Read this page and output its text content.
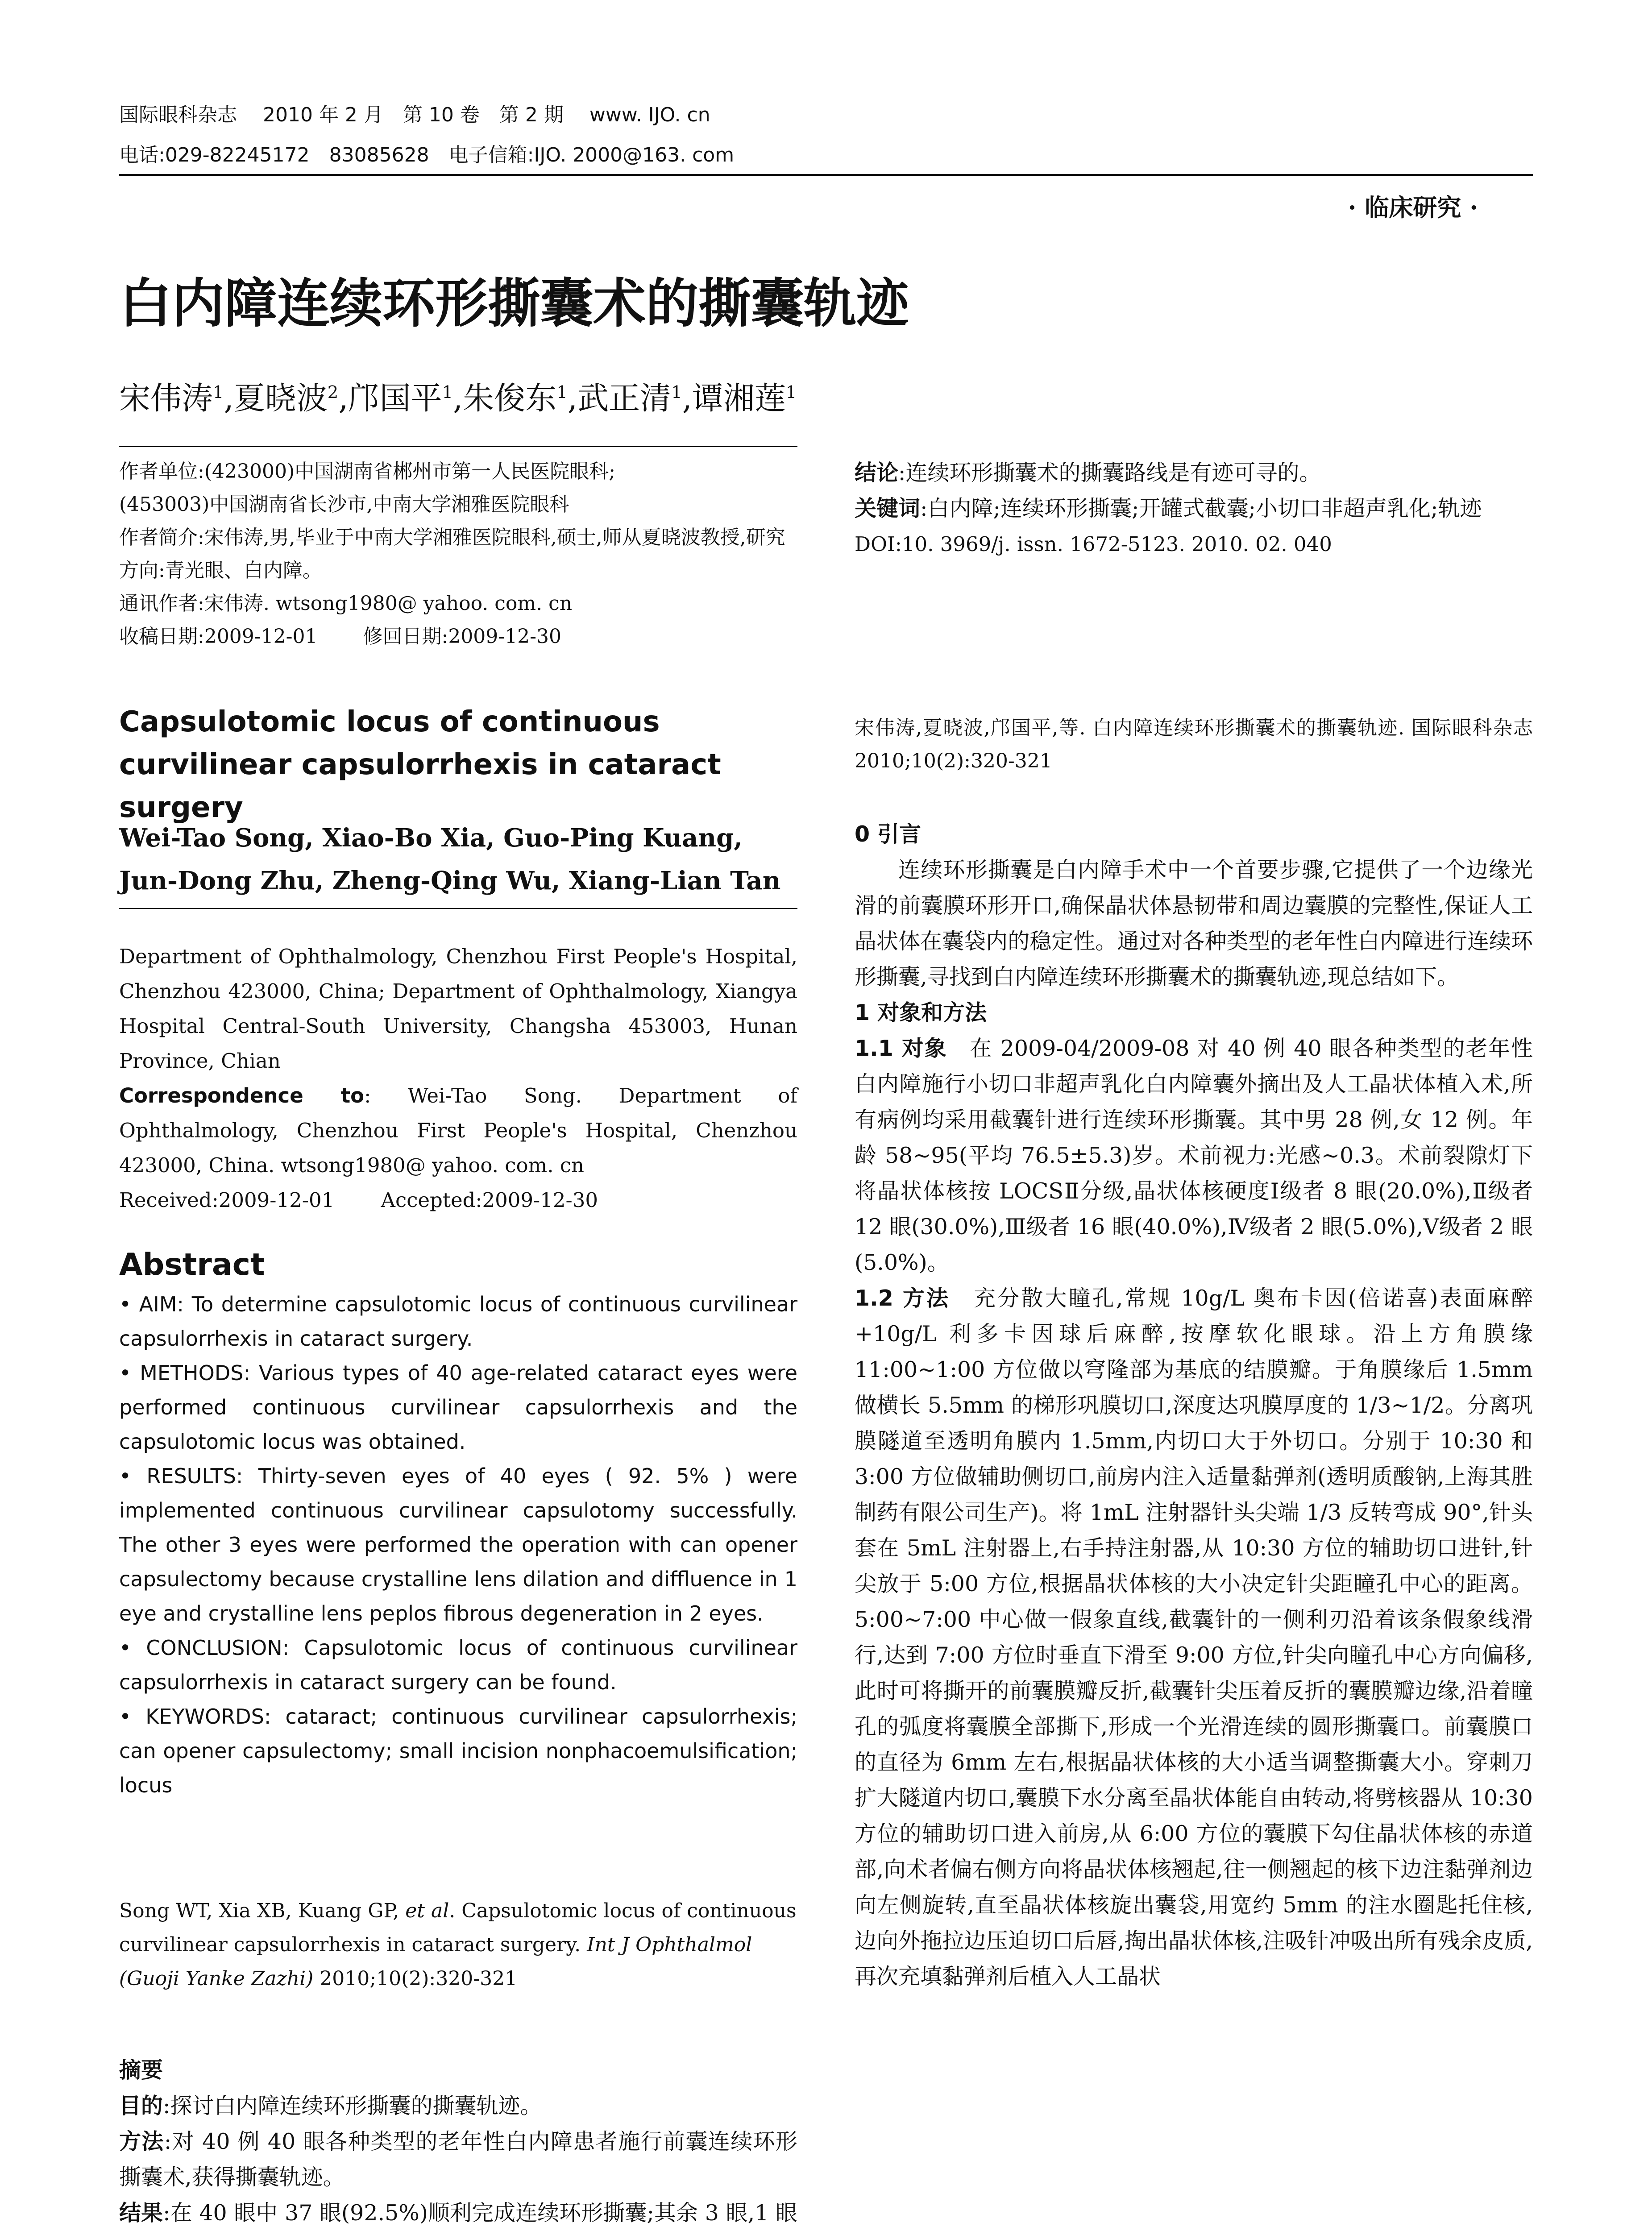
国际眼科杂志　 2010 年 2 月　第 10 卷　第 2 期　 www. IJO. cn
电话:029-82245172　83085628　电子信箱:IJO. 2000@163. com
· 临床研究 ·
白内障连续环形撕囊术的撕囊轨迹
宋伟涛$^1$,夏晓波$^2$,邝国平$^1$,朱俊东$^1$,武正清$^1$,谭湘莲$^1$

作者单位:(423000)中国湖南省郴州市第一人民医院眼科;

(453003)中国湖南省长沙市,中南大学湘雅医院眼科

作者简介:宋伟涛,男,毕业于中南大学湘雅医院眼科,硕士,师从夏晓波教授,研究方向:青光眼、白内障。

通讯作者:宋伟涛. wtsong1980@ yahoo. com. cn

收稿日期:2009-12-01　　 修回日期:2009-12-30

Capsulotomic locus of continuous curvilinear capsulorrhexis in cataract surgery

Wei-Tao Song, Xiao-Bo Xia, Guo-Ping Kuang,

Jun-Dong Zhu, Zheng-Qing Wu, Xiang-Lian Tan

Department of Ophthalmology, Chenzhou First People's Hospital, Chenzhou 423000, China; Department of Ophthalmology, Xiangya Hospital Central-South University, Changsha 453003, Hunan Province, Chian

Correspondence to: Wei-Tao Song. Department of Ophthalmology, Chenzhou First People's Hospital, Chenzhou 423000, China. wtsong1980@ yahoo. com. cn

Received:2009-12-01　　 Accepted:2009-12-30

Abstract

• AIM: To determine capsulotomic locus of continuous curvilinear capsulorrhexis in cataract surgery.

• METHODS: Various types of 40 age-related cataract eyes were performed continuous curvilinear capsulorrhexis and the capsulotomic locus was obtained.

• RESULTS: Thirty-seven eyes of 40 eyes ( 92. 5% ) were implemented continuous curvilinear capsulotomy successfully. The other 3 eyes were performed the operation with can opener capsulectomy because crystalline lens dilation and diffluence in 1 eye and crystalline lens peplos fibrous degeneration in 2 eyes.

• CONCLUSION: Capsulotomic locus of continuous curvilinear capsulorrhexis in cataract surgery can be found.

• KEYWORDS: cataract; continuous curvilinear capsulorrhexis; can opener capsulectomy; small incision nonphacoemulsification; locus

Song WT, Xia XB, Kuang GP, et al. Capsulotomic locus of continuous curvilinear capsulorrhexis in cataract surgery. Int J Ophthalmol (Guoji Yanke Zazhi) 2010;10(2):320-321

摘要

目的:探讨白内障连续环形撕囊的撕囊轨迹。

方法:对 40 例 40 眼各种类型的老年性白内障患者施行前囊连续环形撕囊术,获得撕囊轨迹。

结果:在 40 眼中 37 眼(92.5%)顺利完成连续环形撕囊;其余 3 眼,1 眼

结论:连续环形撕囊术的撕囊路线是有迹可寻的。

关键词:白内障;连续环形撕囊;开罐式截囊;小切口非超声乳化;轨迹

DOI:10. 3969/j. issn. 1672-5123. 2010. 02. 040

宋伟涛,夏晓波,邝国平,等. 白内障连续环形撕囊术的撕囊轨迹. 国际眼科杂志 2010;10(2):320-321

0 引言

连续环形撕囊是白内障手术中一个首要步骤,它提供了一个边缘光滑的前囊膜环形开口,确保晶状体悬韧带和周边囊膜的完整性,保证人工晶状体在囊袋内的稳定性。通过对各种类型的老年性白内障进行连续环形撕囊,寻找到白内障连续环形撕囊术的撕囊轨迹,现总结如下。

1 对象和方法

1.1 对象　在 2009-04/2009-08 对 40 例 40 眼各种类型的老年性白内障施行小切口非超声乳化白内障囊外摘出及人工晶状体植入术,所有病例均采用截囊针进行连续环形撕囊。其中男 28 例,女 12 例。年龄 58~95(平均 76.5±5.3)岁。术前视力:光感~0.3。术前裂隙灯下将晶状体核按 LOCSⅡ分级,晶状体核硬度Ⅰ级者 8 眼(20.0%),Ⅱ级者 12 眼(30.0%),Ⅲ级者 16 眼(40.0%),Ⅳ级者 2 眼(5.0%),Ⅴ级者 2 眼(5.0%)。

1.2 方法　充分散大瞳孔,常规 10g/L 奥布卡因(倍诺喜)表面麻醉+10g/L 利多卡因球后麻醉,按摩软化眼球。沿上方角膜缘 11:00~1:00 方位做以穹隆部为基底的结膜瓣。于角膜缘后 1.5mm 做横长 5.5mm 的梯形巩膜切口,深度达巩膜厚度的 1/3~1/2。分离巩膜隧道至透明角膜内 1.5mm,内切口大于外切口。分别于 10:30 和 3:00 方位做辅助侧切口,前房内注入适量黏弹剂(透明质酸钠,上海其胜制药有限公司生产)。将 1mL 注射器针头尖端 1/3 反转弯成 90°,针头套在 5mL 注射器上,右手持注射器,从 10:30 方位的辅助切口进针,针尖放于 5:00 方位,根据晶状体核的大小决定针尖距瞳孔中心的距离。5:00~7:00 中心做一假象直线,截囊针的一侧利刃沿着该条假象线滑行,达到 7:00 方位时垂直下滑至 9:00 方位,针尖向瞳孔中心方向偏移,此时可将撕开的前囊膜瓣反折,截囊针尖压着反折的囊膜瓣边缘,沿着瞳孔的弧度将囊膜全部撕下,形成一个光滑连续的圆形撕囊口。前囊膜口的直径为 6mm 左右,根据晶状体核的大小适当调整撕囊大小。穿刺刀扩大隧道内切口,囊膜下水分离至晶状体能自由转动,将劈核器从 10:30 方位的辅助切口进入前房,从 6:00 方位的囊膜下勾住晶状体核的赤道部,向术者偏右侧方向将晶状体核翘起,往一侧翘起的核下边注黏弹剂边向左侧旋转,直至晶状体核旋出囊袋,用宽约 5mm 的注水圈匙托住核,边向外拖拉边压迫切口后唇,掏出晶状体核,注吸针冲吸出所有残余皮质,再次充填黏弹剂后植入人工晶状
